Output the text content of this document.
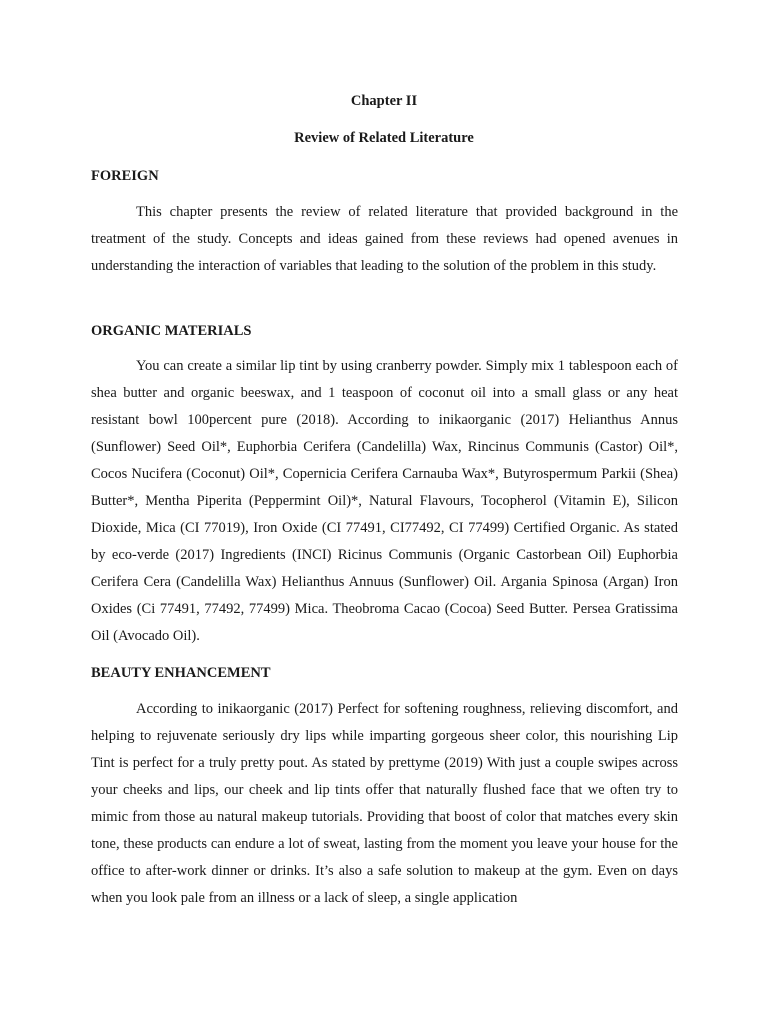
Chapter II
Review of Related Literature
FOREIGN

This chapter presents the review of related literature that provided background in the treatment of the study. Concepts and ideas gained from these reviews had opened avenues in understanding the interaction of variables that leading to the solution of the problem in this study.

ORGANIC MATERIALS

You can create a similar lip tint by using cranberry powder. Simply mix 1 tablespoon each of shea butter and organic beeswax, and 1 teaspoon of coconut oil into a small glass or any heat resistant bowl 100percent pure (2018). According to inikaorganic (2017) Helianthus Annus (Sunflower) Seed Oil*, Euphorbia Cerifera (Candelilla) Wax, Rincinus Communis (Castor) Oil*, Cocos Nucifera (Coconut) Oil*, Copernicia Cerifera Carnauba Wax*, Butyrospermum Parkii (Shea) Butter*, Mentha Piperita (Peppermint Oil)*, Natural Flavours, Tocopherol (Vitamin E), Silicon Dioxide, Mica (CI 77019), Iron Oxide (CI 77491, CI77492, CI 77499) Certified Organic. As stated by eco-verde (2017) Ingredients (INCI) Ricinus Communis (Organic Castorbean Oil) Euphorbia Cerifera Cera (Candelilla Wax) Helianthus Annuus (Sunflower) Oil. Argania Spinosa (Argan) Iron Oxides (Ci 77491, 77492, 77499) Mica. Theobroma Cacao (Cocoa) Seed Butter. Persea Gratissima Oil (Avocado Oil).

BEAUTY ENHANCEMENT

According to inikaorganic (2017) Perfect for softening roughness, relieving discomfort, and helping to rejuvenate seriously dry lips while imparting gorgeous sheer color, this nourishing Lip Tint is perfect for a truly pretty pout. As stated by prettyme (2019) With just a couple swipes across your cheeks and lips, our cheek and lip tints offer that naturally flushed face that we often try to mimic from those au natural makeup tutorials. Providing that boost of color that matches every skin tone, these products can endure a lot of sweat, lasting from the moment you leave your house for the office to after-work dinner or drinks. It’s also a safe solution to makeup at the gym. Even on days when you look pale from an illness or a lack of sleep, a single application
